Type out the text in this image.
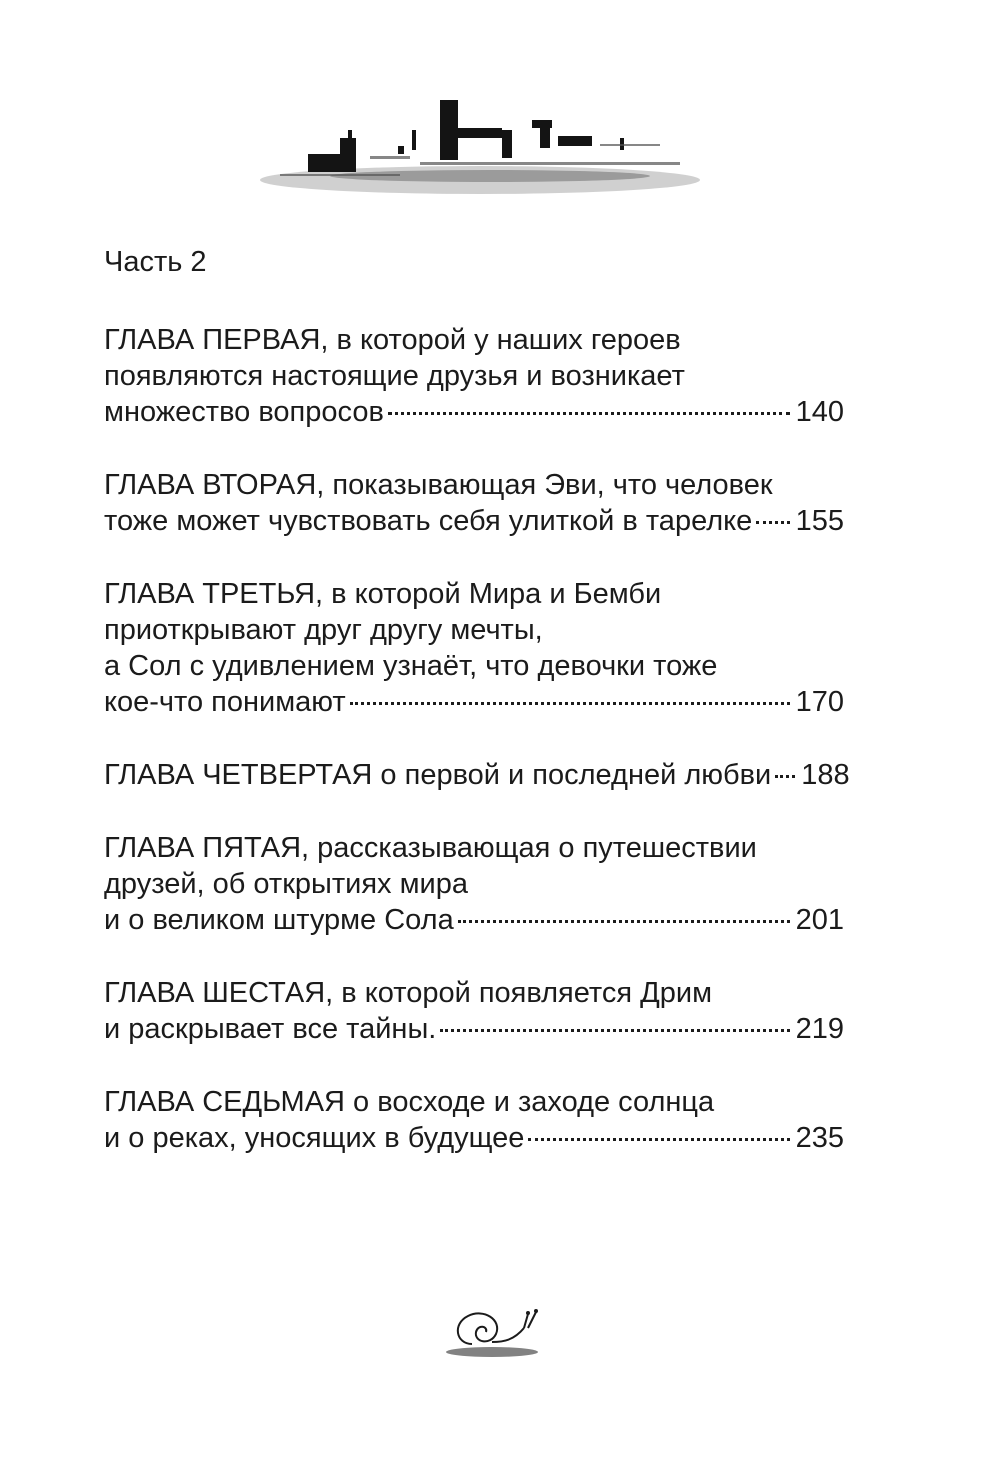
Часть 2
ГЛАВА ПЕРВАЯ, в которой у наших героев
появляются настоящие друзья и возникает
множество вопросов	140
ГЛАВА ВТОРАЯ, показывающая Эви, что человек
тоже может чувствовать себя улиткой в тарелке 155
ГЛАВА ТРЕТЬЯ, в которой Мира и Бемби
приоткрывают друг другу мечты,
а Сол с удивлением узнаёт, что девочки тоже
кое-что понимают	170
ГЛАВА ЧЕТВЕРТАЯ о первой и последней любви 188
ГЛАВА ПЯТАЯ, рассказывающая о путешествии
друзей, об открытиях мира
и о великом штурме Сола	201
ГЛАВА ШЕСТАЯ, в которой появляется Дрим
и раскрывает все тайны.	219
ГЛАВА СЕДЬМАЯ о восходе и заходе солнца
и о реках, уносящих в будущее	235
